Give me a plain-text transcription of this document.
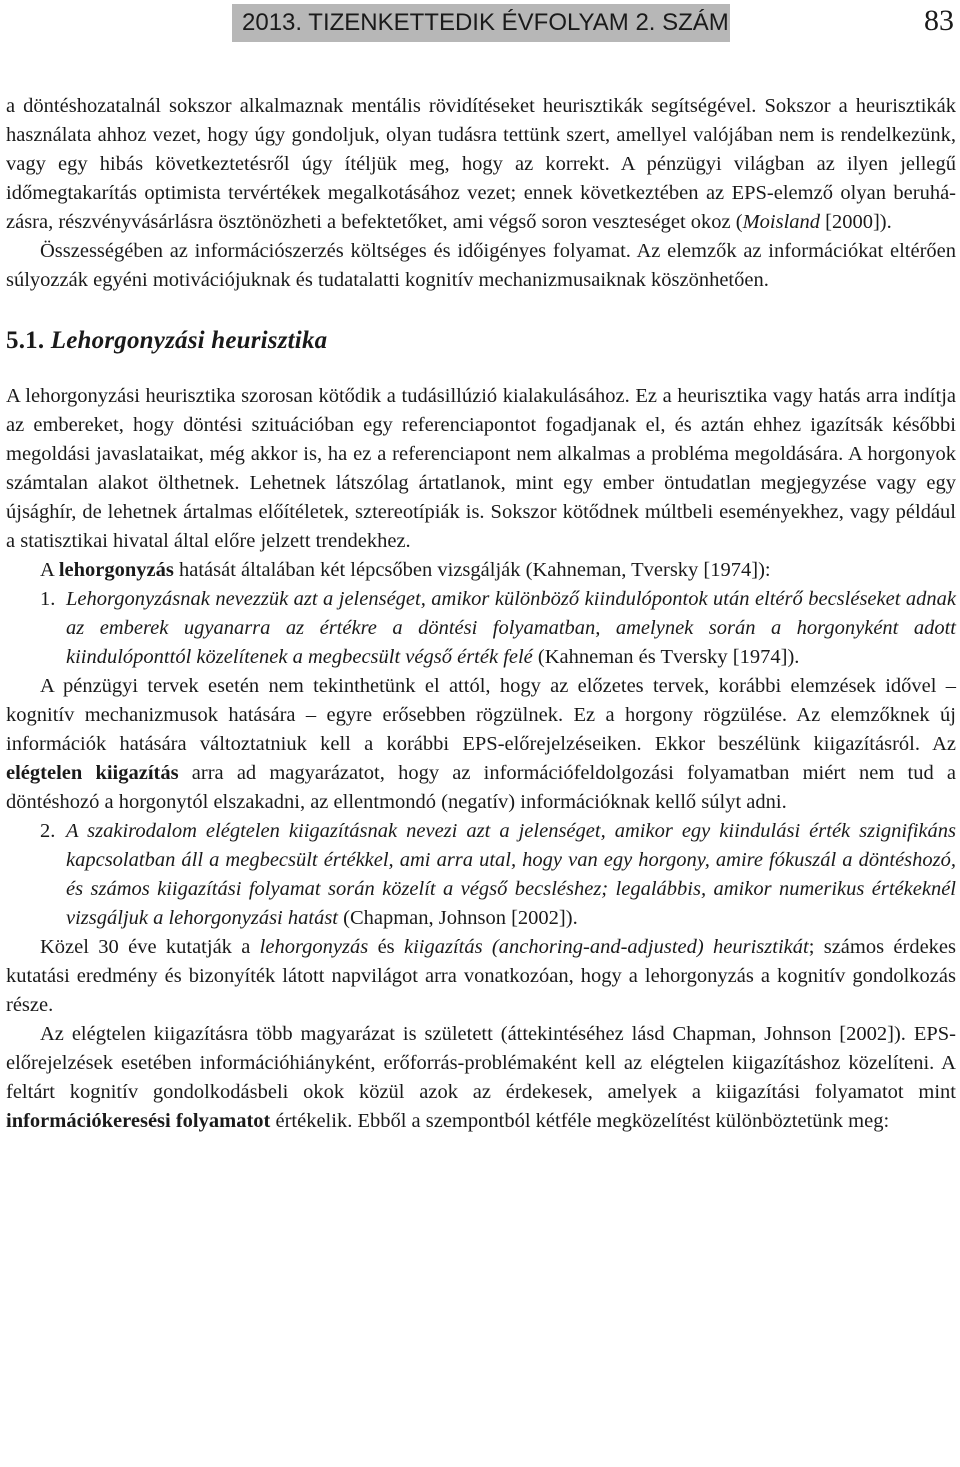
2013. TIZENKETTEDIK ÉVFOLYAM 2. SZÁM	83

a döntéshozatalnál sokszor alkalmaznak mentális rövidítéseket heurisztikák segítségével. Sokszor a heurisztikák használata ahhoz vezet, hogy úgy gondoljuk, olyan tudásra tettünk szert, amellyel valójában nem is rendelkezünk, vagy egy hibás következtetésről úgy ítéljük meg, hogy az korrekt. A pénzügyi világban az ilyen jellegű időmegtakarítás optimista tervértékek megalkotásához vezet; ennek következtében az EPS-elemző olyan beruházásra, részvényvásárlásra ösztönözheti a befektetőket, ami végső soron veszteséget okoz (Moisland [2000]).

Összességében az információszerzés költséges és időigényes folyamat. Az elemzők az információkat eltérően súlyozzák egyéni motivációjuknak és tudatalatti kognitív mechanizmusaiknak köszönhetően.

5.1. Lehorgonyzási heurisztika

A lehorgonyzási heurisztika szorosan kötődik a tudásillúzió kialakulásához. Ez a heurisztika vagy hatás arra indítja az embereket, hogy döntési szituációban egy referenciapontot fogadjanak el, és aztán ehhez igazítsák későbbi megoldási javaslataikat, még akkor is, ha ez a referenciapont nem alkalmas a probléma megoldására. A horgonyok számtalan alakot ölthetnek. Lehetnek látszólag ártatlanok, mint egy ember öntudatlan megjegyzése vagy egy újsághír, de lehetnek ártalmas előítéletek, sztereotípiák is. Sokszor kötődnek múltbeli eseményekhez, vagy például a statisztikai hivatal által előre jelzett trendekhez.

A lehorgonyzás hatását általában két lépcsőben vizsgálják (Kahneman, Tversky [1974]):

1. Lehorgonyzásnak nevezzük azt a jelenséget, amikor különböző kiindulópontok után eltérő becsléseket adnak az emberek ugyanarra az értékre a döntési folyamatban, amelynek során a horgonyként adott kiindulóponttól közelítenek a megbecsült végső érték felé (Kahneman és Tversky [1974]).

A pénzügyi tervek esetén nem tekinthetünk el attól, hogy az előzetes tervek, korábbi elemzések idővel – kognitív mechanizmusok hatására – egyre erősebben rögzülnek. Ez a horgony rögzülése. Az elemzőknek új információk hatására változtatniuk kell a korábbi EPS-előrejelzéseiken. Ekkor beszélünk kiigazításról. Az elégtelen kiigazítás arra ad magyarázatot, hogy az információfeldolgozási folyamatban miért nem tud a döntéshozó a horgonytól elszakadni, az ellentmondó (negatív) információknak kellő súlyt adni.

2. A szakirodalom elégtelen kiigazításnak nevezi azt a jelenséget, amikor egy kiindulási érték szignifikáns kapcsolatban áll a megbecsült értékkel, ami arra utal, hogy van egy horgony, amire fókuszál a döntéshozó, és számos kiigazítási folyamat során közelít a végső becsléshez; legalábbis, amikor numerikus értékeknél vizsgáljuk a lehorgonyzási hatást (Chapman, Johnson [2002]).

Közel 30 éve kutatják a lehorgonyzás és kiigazítás (anchoring-and-adjusted) heurisztikát; számos érdekes kutatási eredmény és bizonyíték látott napvilágot arra vonatkozóan, hogy a lehorgonyzás a kognitív gondolkozás része.

Az elégtelen kiigazításra több magyarázat is született (áttekintéséhez lásd Chapman, Johnson [2002]). EPS-előrejelzések esetében információhiányként, erőforrás-problémaként kell az elégtelen kiigazításhoz közelíteni. A feltárt kognitív gondolkodásbeli okok közül azok az érdekesek, amelyek a kiigazítási folyamatot mint információkeresési folyamatot értékelik. Ebből a szempontból kétféle megközelítést különböztetünk meg:
